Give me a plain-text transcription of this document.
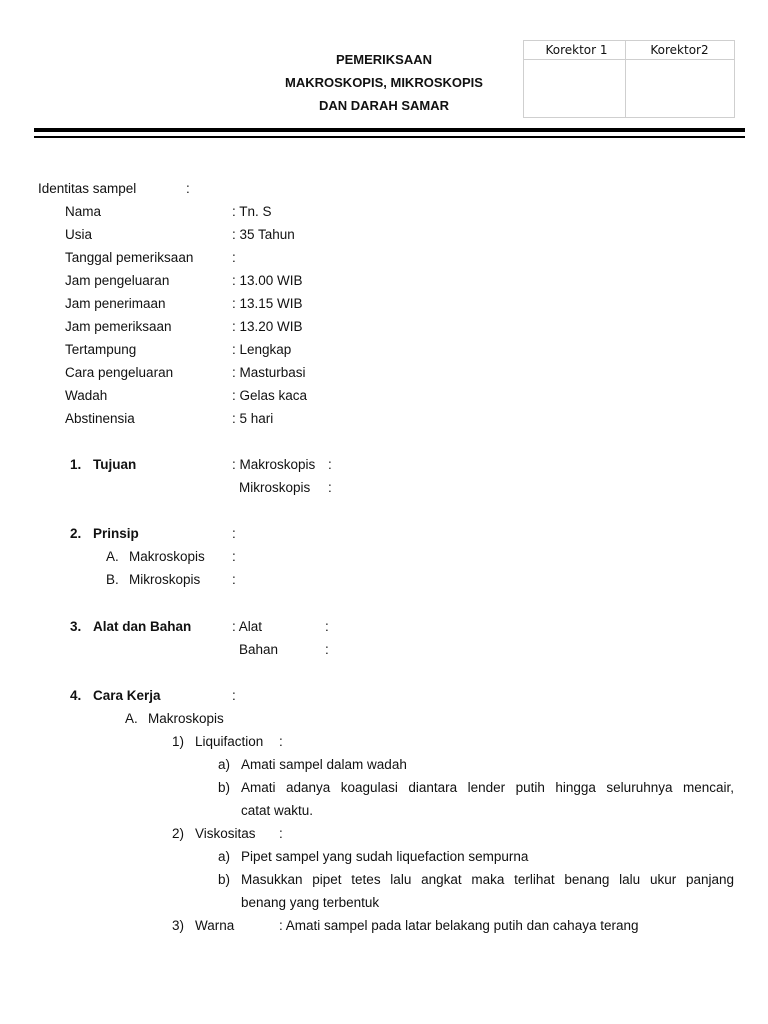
PEMERIKSAAN
MAKROSKOPIS, MIKROSKOPIS
DAN DARAH SAMAR
Korektor 1	Korektor2
Identitas sampel	:
Nama	: Tn. S
Usia	: 35 Tahun
Tanggal pemeriksaan	:
Jam pengeluaran	: 13.00 WIB
Jam penerimaan	: 13.15 WIB
Jam pemeriksaan	: 13.20 WIB
Tertampung	: Lengkap
Cara pengeluaran	: Masturbasi
Wadah	: Gelas kaca
Abstinensia	: 5 hari
1. Tujuan	: Makroskopis :
Mikroskopis :
2. Prinsip	:
A. Makroskopis :
B. Mikroskopis :
3. Alat dan Bahan	: Alat	:
Bahan	:
4. Cara Kerja	:
A. Makroskopis
1) Liquifaction :
a) Amati sampel dalam wadah
b) Amati adanya koagulasi diantara lender putih hingga seluruhnya mencair,
catat waktu.
2) Viskositas :
a) Pipet sampel yang sudah liquefaction sempurna
b) Masukkan pipet tetes lalu angkat maka terlihat benang lalu ukur panjang
benang yang terbentuk
3) Warna	: Amati sampel pada latar belakang putih dan cahaya terang
